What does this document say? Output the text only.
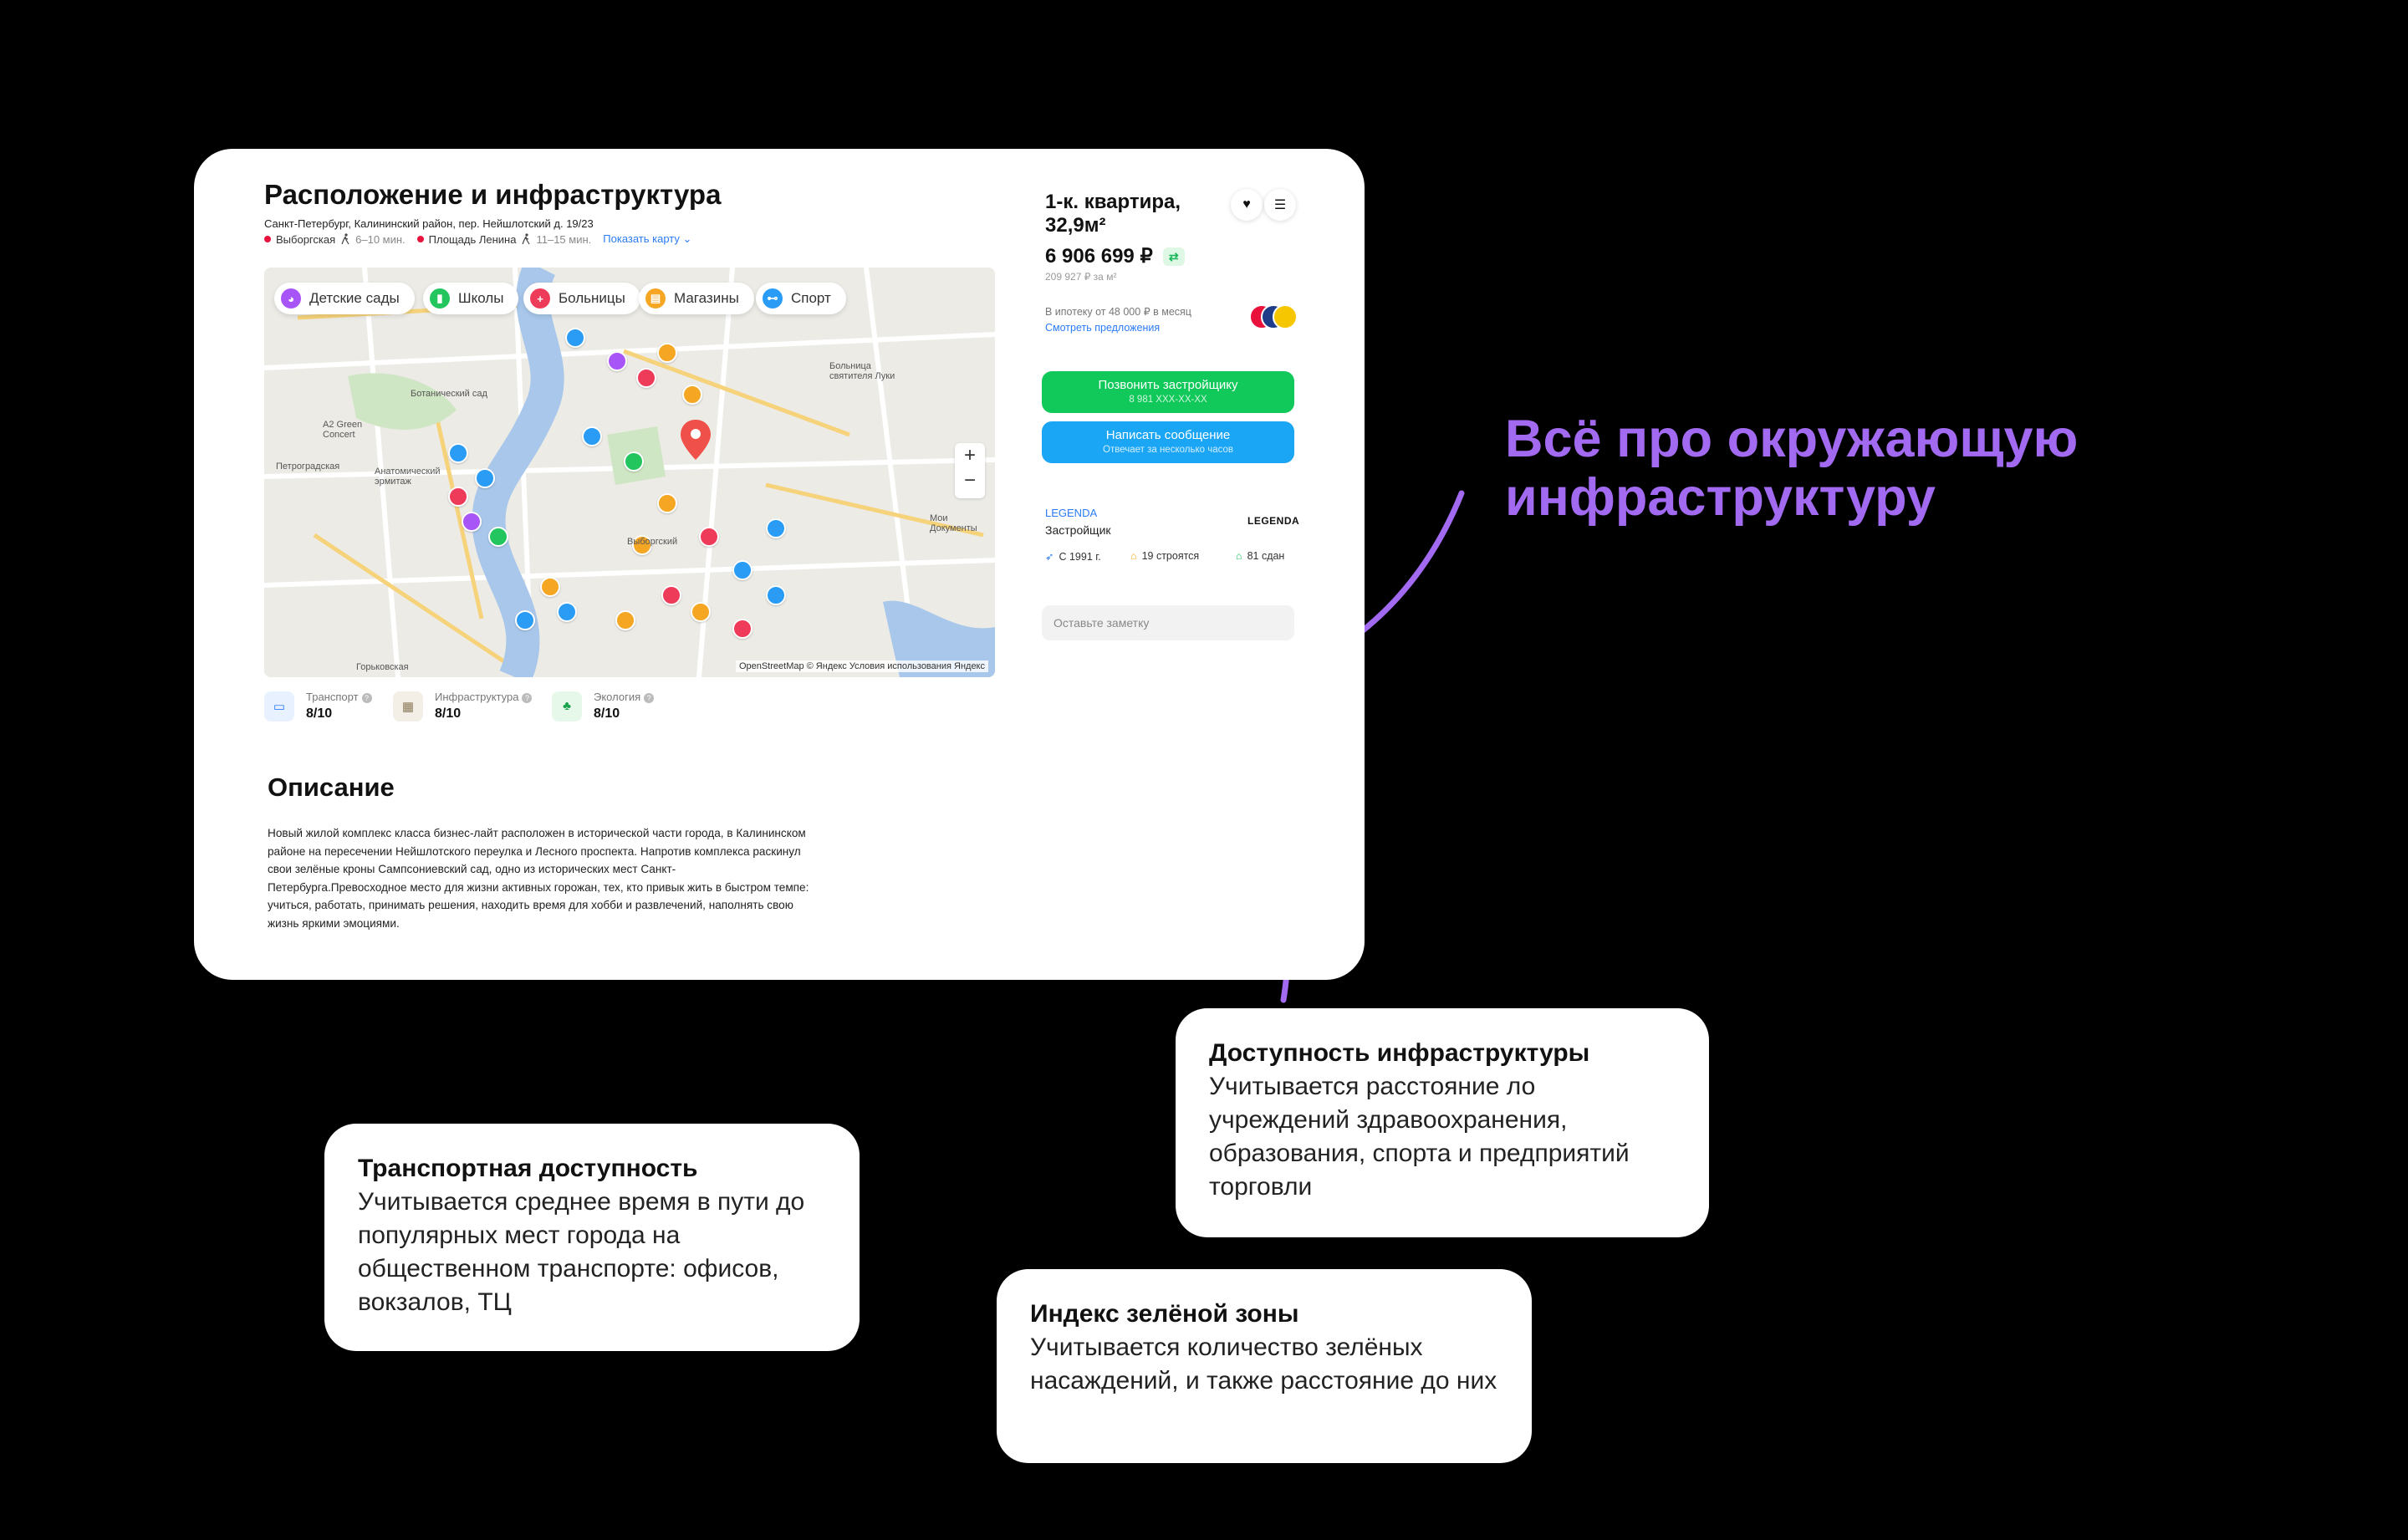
Расположение и инфраструктура
Санкт-Петербург, Калининский район, пер. Нейшлотский д. 19/23
Выборгская 6–10 мин. Площадь Ленина 11–15 мин. Показать карту ⌄
◕	Детские сады	▮	Школы	+	Больницы	▤ Магазины	⊷ Спорт
Ботанический сад
Петроградская	Анатомический эрмитаж
Выборгский
Горьковская
Больница святителя Луки
Мои Документы
A2 Green Concert
+
−
OpenStreetMap © Яндекс Условия использования Яндекс
▭
Транспорт ?
8/10	▦
Инфраструктура ?
8/10
♣
Экология ?
8/10
Описание
Новый жилой комплекс класса бизнес-лайт расположен в исторической части города, в Калининском районе на пересечении Нейшлотского переулка и Лесного проспекта. Напротив комплекса раскинул свои зелёные кроны Сампсониевский сад, одно из исторических мест Санкт-Петербурга.Превосходное место для жизни активных горожан, тех, кто привык жить в быстром темпе: учиться, работать, принимать решения, находить время для хобби и развлечений, наполнять свою жизнь яркими эмоциями.
1-к. квартира, 32,9м²
♥ ☰
6 906 699 ₽	⇄
209 927 ₽ за м²
В ипотеку от 48 000 ₽ в месяц
Смотреть предложения
Позвонить застройщику
8 981 XXX-XX-XX
Написать сообщение
Отвечает за несколько часов
LEGENDA
Застройщик
LEGENDA
➶ С 1991 г.	⌂ 19 строятся	⌂ 81 сдан
Оставьте заметку
Всё про окружающую
инфраструктуру
Доступность инфраструктуры
Учитывается расстояние ло учреждений здравоохранения, образования, спорта и предприятий торговли
Транспортная доступность
Учитывается среднее время в пути до популярных мест города на общественном транспорте: офисов, вокзалов, ТЦ	Индекс зелёной зоны
Учитывается количество зелёных насаждений, и также расстояние до них
